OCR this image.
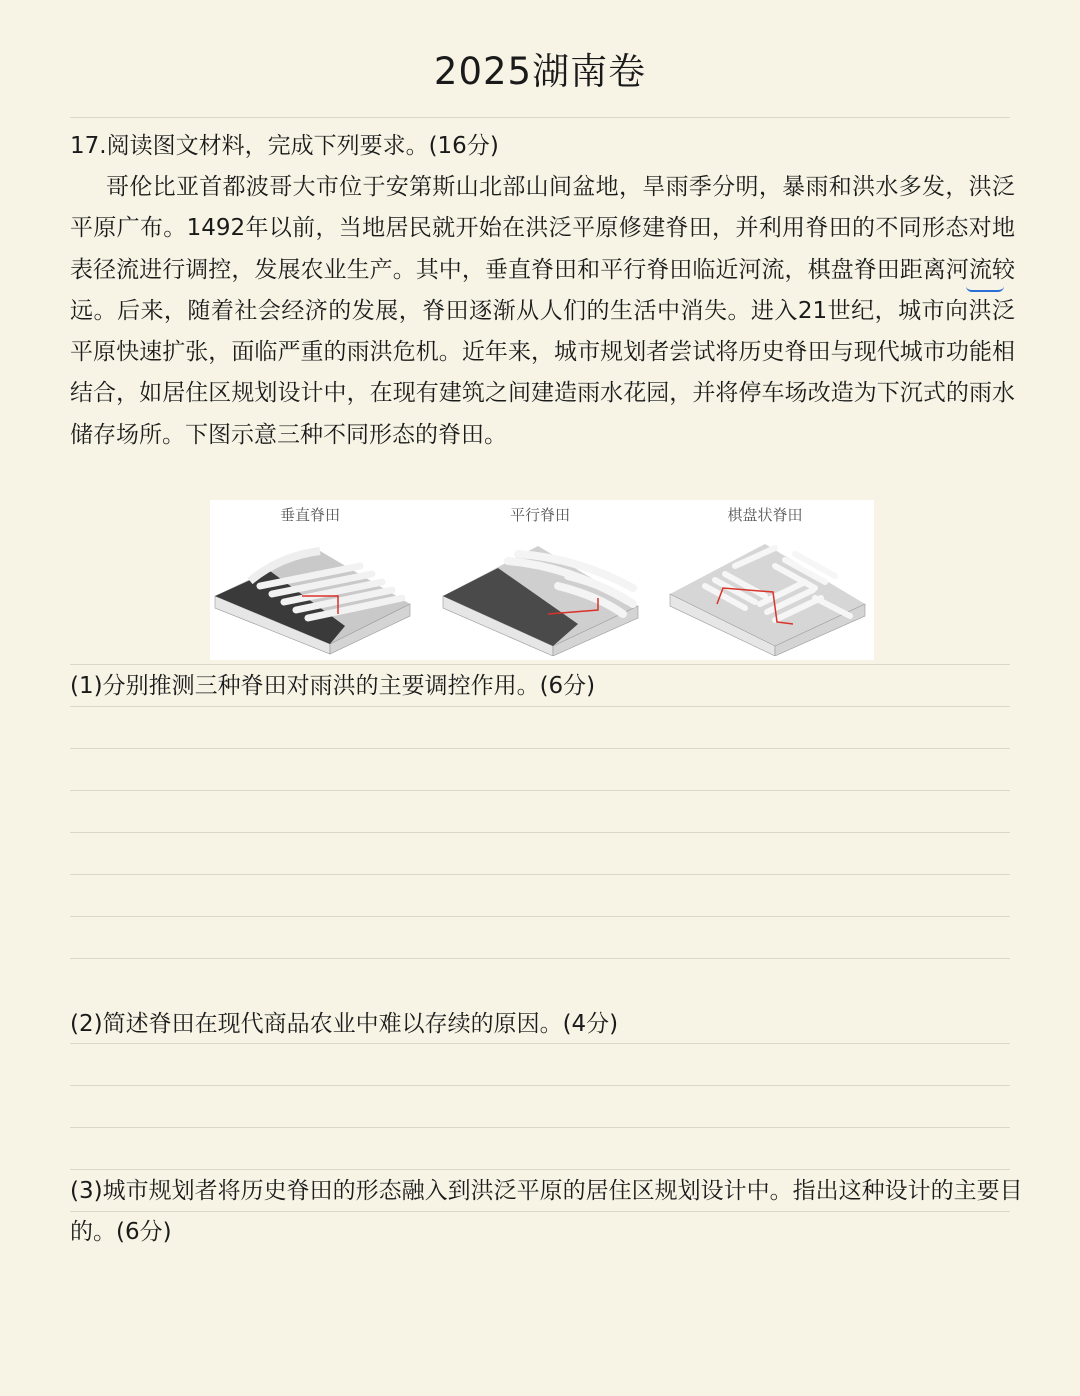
2025湖南卷
17.阅读图文材料，完成下列要求。(16分)

哥伦比亚首都波哥大市位于安第斯山北部山间盆地，旱雨季分明，暴雨和洪水多发，洪泛平原广布。1492年以前，当地居民就开始在洪泛平原修建脊田，并利用脊田的不同形态对地表径流进行调控，发展农业生产。其中，垂直脊田和平行脊田临近河流，棋盘脊田距离河流较远。后来，随着社会经济的发展，脊田逐渐从人们的生活中消失。进入21世纪，城市向洪泛平原快速扩张，面临严重的雨洪危机。近年来，城市规划者尝试将历史脊田与现代城市功能相结合，如居住区规划设计中，在现有建筑之间建造雨水花园，并将停车场改造为下沉式的雨水储存场所。下图示意三种不同形态的脊田。

垂直脊田	平行脊田	棋盘状脊田
(1)分别推测三种脊田对雨洪的主要调控作用。(6分)
(2)简述脊田在现代商品农业中难以存续的原因。(4分)
(3)城市规划者将历史脊田的形态融入到洪泛平原的居住区规划设计中。指出这种设计的主要目的。(6分)
